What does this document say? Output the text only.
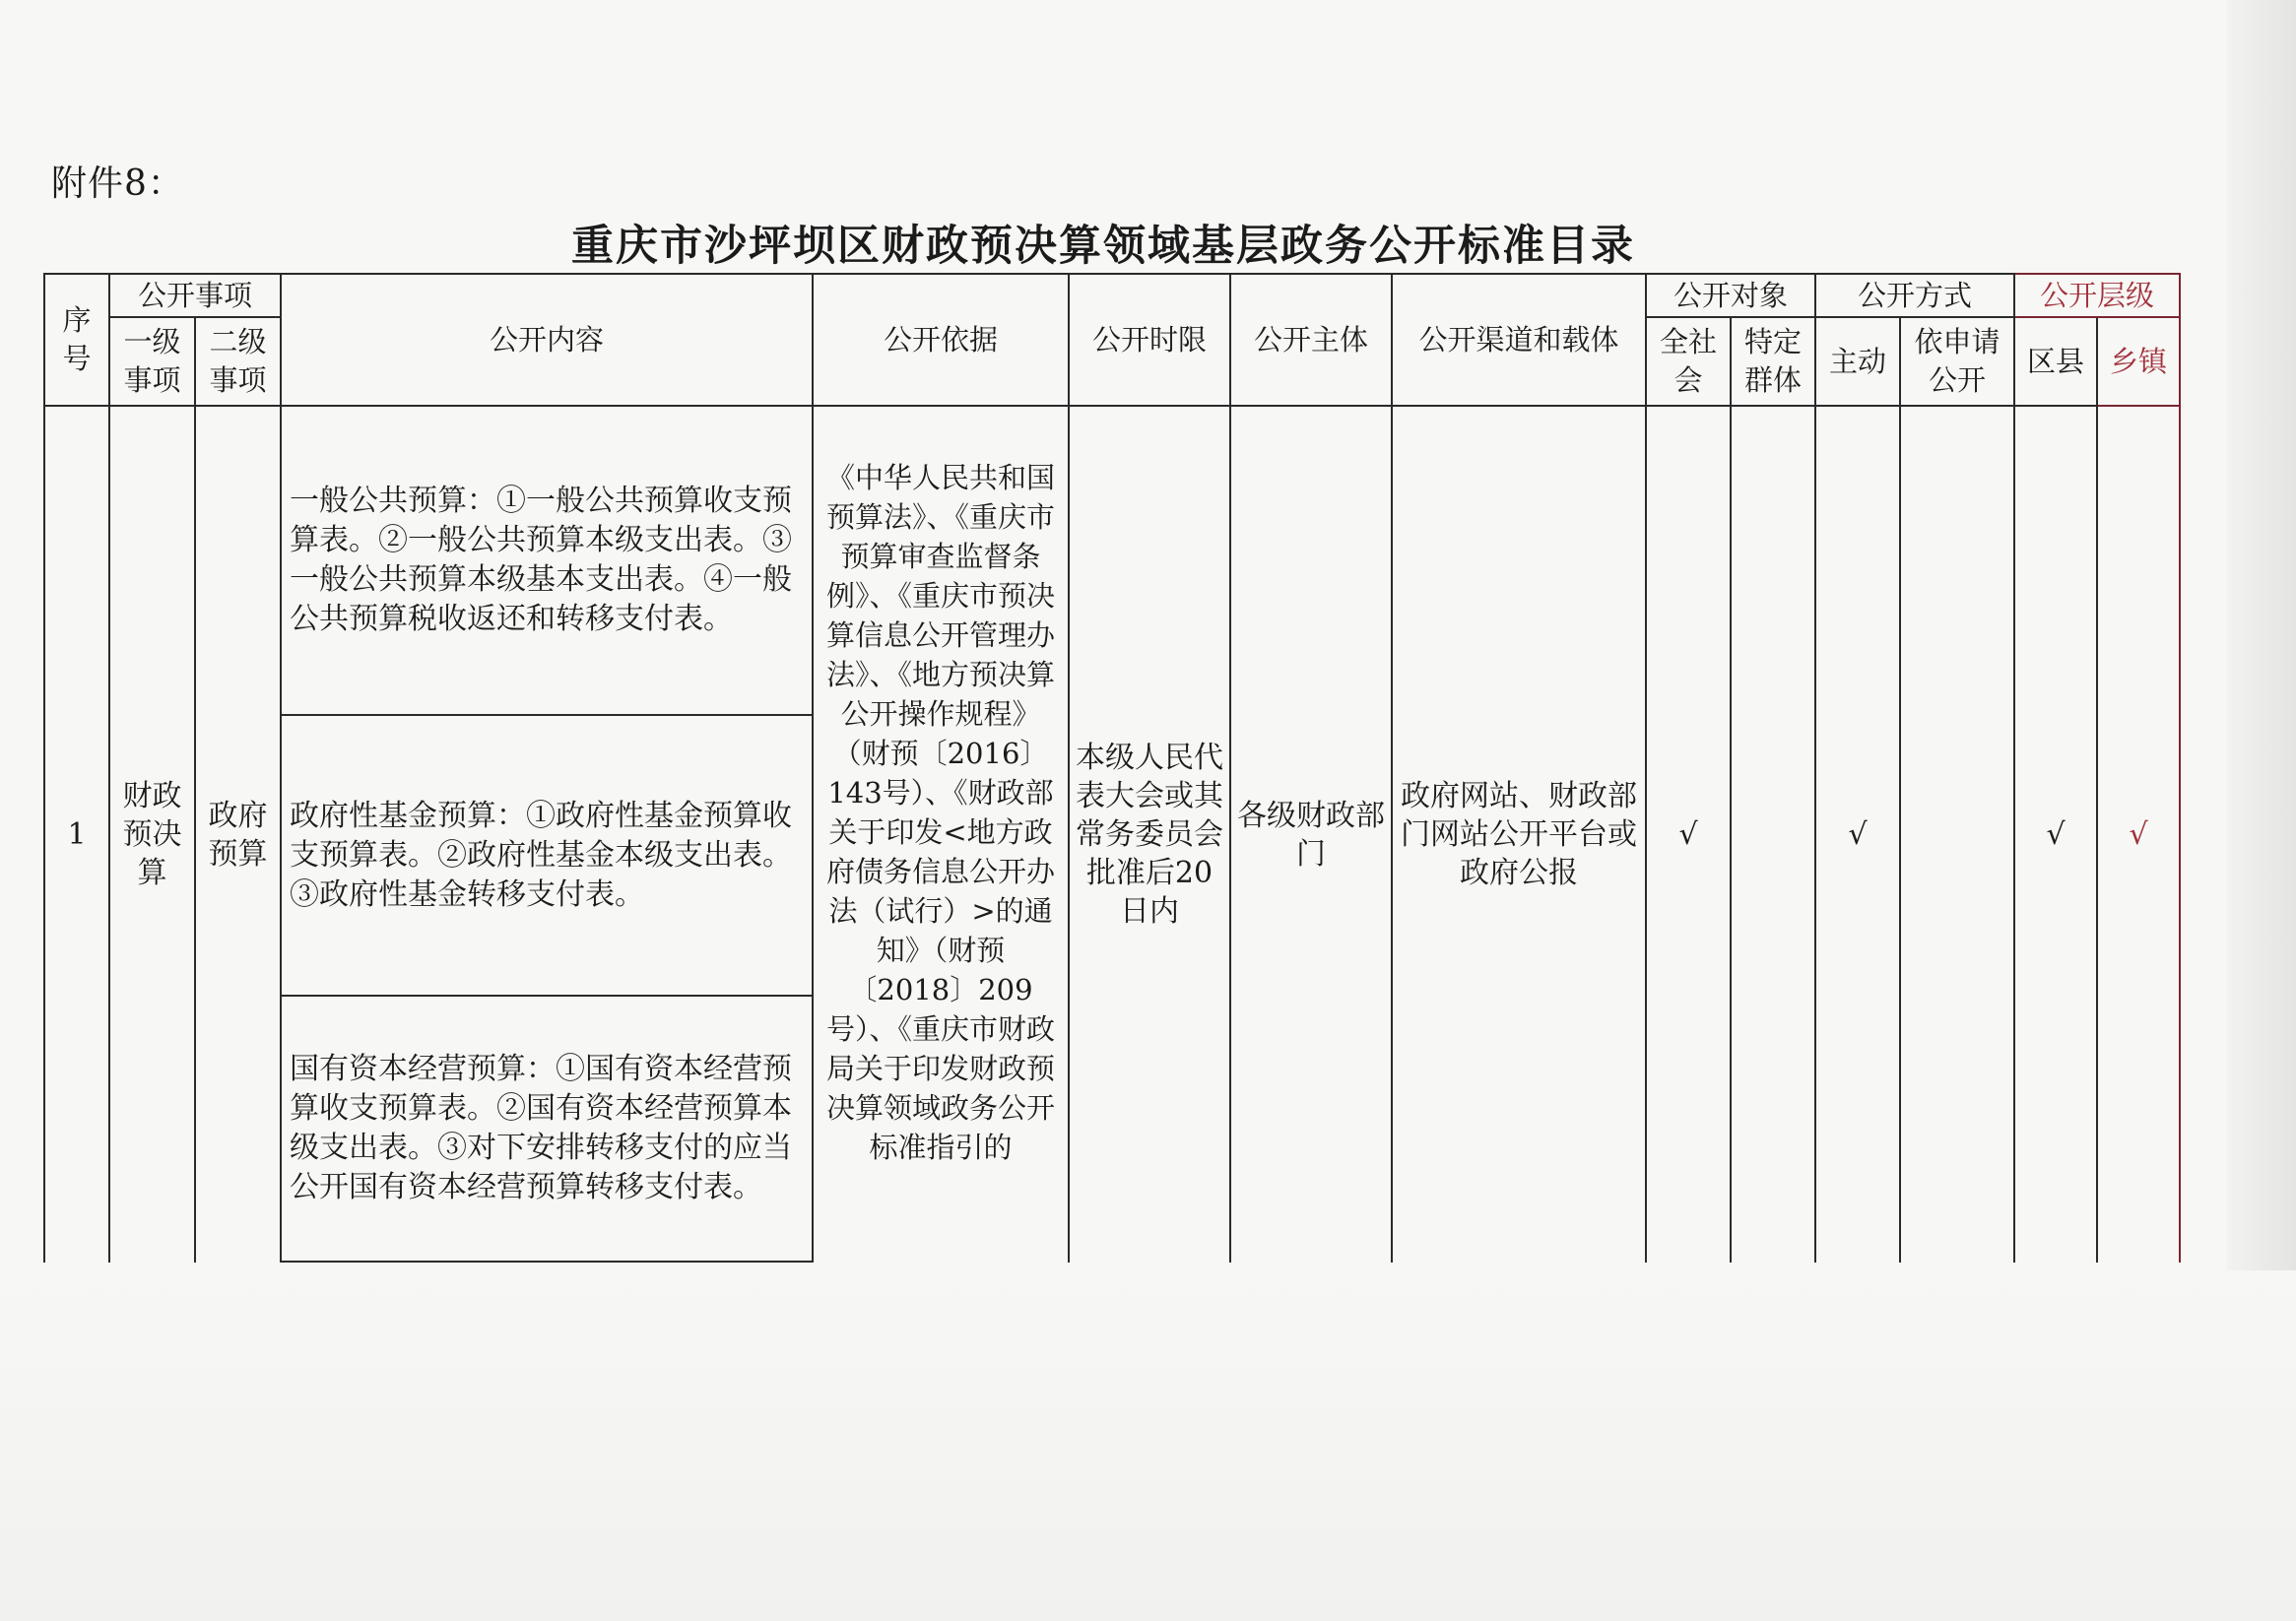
附件8：
重庆市沙坪坝区财政预决算领域基层政务公开标准目录
序号	公开事项		公开内容	公开依据	公开时限	公开主体	公开渠道和载体	公开对象		公开方式		公开层级	
	一级事项	二级事项						全社会	特定群体	主动	依申请公开	区县	乡镇
1	财政预决算	政府预算	一般公共预算：①一般公共预算收支预算表。②一般公共预算本级支出表。③一般公共预算本级基本支出表。④一般公共预算税收返还和转移支付表。
政府性基金预算：①政府性基金预算收支预算表。②政府性基金本级支出表。③政府性基金转移支付表。
国有资本经营预算：①国有资本经营预算收支预算表。②国有资本经营预算本级支出表。③对下安排转移支付的应当公开国有资本经营预算转移支付表。	《中华人民共和国预算法》、《重庆市预算审查监督条例》、《重庆市预决算信息公开管理办法》、《地方预决算公开操作规程》（财预〔2016〕143号）、《财政部关于印发<地方政府债务信息公开办法（试行）>的通知》（财预〔2018〕209号）、《重庆市财政局关于印发财政预决算领域政务公开标准指引的	本级人民代表大会或其常务委员会批准后20日内	各级财政部门	政府网站、财政部门网站公开平台或政府公报	√		√		√	√
